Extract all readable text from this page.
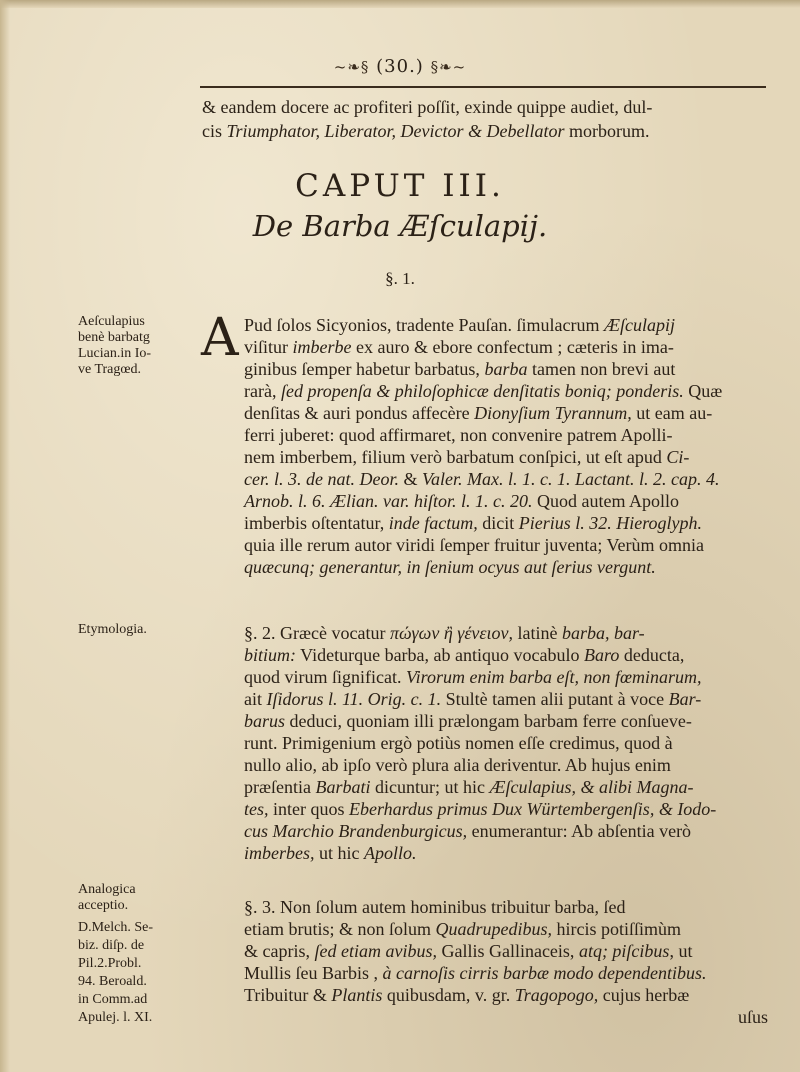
~❧§ (30.) §❧~
& eandem docere ac profiteri poſſit, exinde quippe audiet, dul-
cis Triumphator, Liberator, Devictor & Debellator morborum.
CAPUT III.
De Barba Æſculapij.
§. 1.
A
Aeſculapius
benè barbatg
Lucian.in Io-
ve Tragœd.
Etymologia.
Analogica
acceptio.
D.Melch. Se-
biz. diſp. de
Pil.2.Probl.
94. Beroald.
in Comm.ad
Apulej. l. XI.
Pud ſolos Sicyonios, tradente Pauſan. ſimulacrum Æſculapij
viſitur imberbe ex auro & ebore confectum ; cæteris in ima-
ginibus ſemper habetur barbatus, barba tamen non brevi aut
rarà, ſed propenſa & philoſophicæ denſitatis boniq; ponderis. Quæ
denſitas & auri pondus affecère Dionyſium Tyrannum, ut eam au-
ferri juberet: quod affirmaret, non convenire patrem Apolli-
nem imberbem, filium verò barbatum conſpici, ut eſt apud Ci-
cer. l. 3. de nat. Deor. & Valer. Max. l. 1. c. 1. Lactant. l. 2. cap. 4.
Arnob. l. 6. Ælian. var. hiſtor. l. 1. c. 20. Quod autem Apollo
imberbis oſtentatur, inde factum, dicit Pierius l. 32. Hieroglyph.
quia ille rerum autor viridi ſemper fruitur juventa; Verùm omnia
quæcunq; generantur, in ſenium ocyus aut ſerius vergunt.
§. 2. Græcè vocatur πώγων ἢ γένειον, latinè barba, bar-
bitium: Videturque barba, ab antiquo vocabulo Baro deducta,
quod virum ſignificat. Virorum enim barba eſt, non fœminarum,
ait Iſidorus l. 11. Orig. c. 1. Stultè tamen alii putant à voce Bar-
barus deduci, quoniam illi prælongam barbam ferre conſueve-
runt. Primigenium ergò potiùs nomen eſſe credimus, quod à
nullo alio, ab ipſo verò plura alia deriventur. Ab hujus enim
præſentia Barbati dicuntur; ut hic Æſculapius, & alibi Magna-
tes, inter quos Eberhardus primus Dux Würtembergenſis, & Iodo-
cus Marchio Brandenburgicus, enumerantur: Ab abſentia verò
imberbes, ut hic Apollo.
§. 3. Non ſolum autem hominibus tribuitur barba, ſed
etiam brutis; & non ſolum Quadrupedibus, hircis potiſſimùm
& capris, ſed etiam avibus, Gallis Gallinaceis, atq; piſcibus, ut
Mullis ſeu Barbis , à carnoſis cirris barbæ modo dependentibus.
Tribuitur & Plantis quibusdam, v. gr. Tragopogo, cujus herbæ
uſus
